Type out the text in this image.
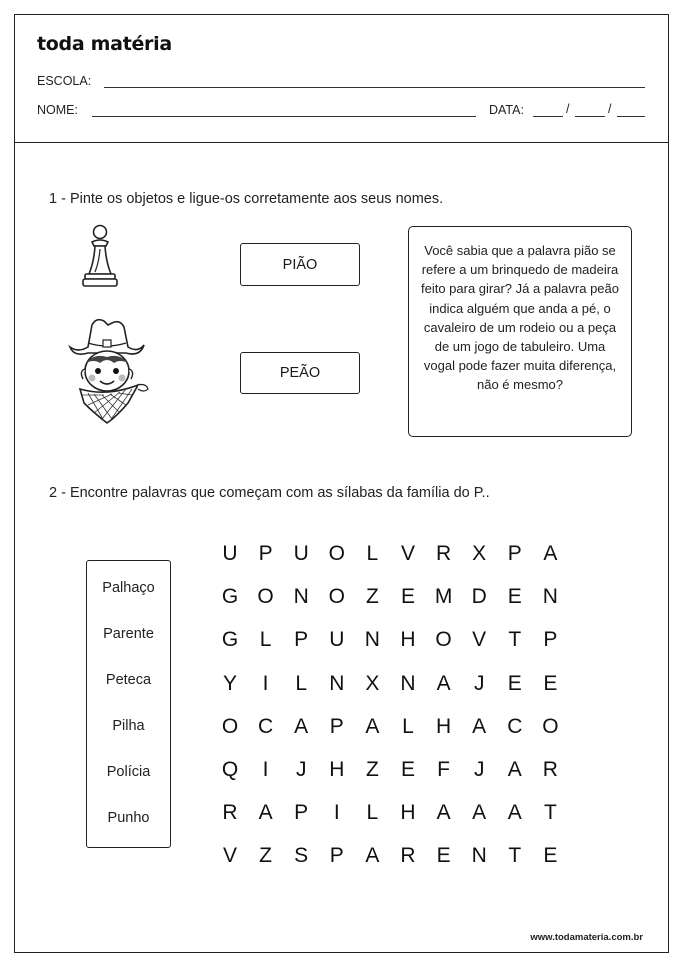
toda matéria
ESCOLA:
NOME:	DATA:	/	/
1 - Pinte os objetos e ligue-os corretamente aos seus nomes.
PIÃO
PEÃO
Você sabia que a palavra pião se refere a um brinquedo de madeira feito para girar? Já a palavra peão indica alguém que anda a pé, o cavaleiro de um rodeio ou a peça de um jogo de tabuleiro. Uma vogal pode fazer muita diferença, não é mesmo?
2 - Encontre palavras que começam com as sílabas da família do P..
Palhaço
Parente
Peteca
Pilha
Polícia
Punho
U	P	U O	L	V	R	X	P	A
G O N O	Z	E M D	E	N
G	L	P	U N H O V	T	P
Y	I	L	N	X	N	A	J	E	E
O C	A	P	A	L	H	A	C O
Q	I	J	H	Z	E	F	J	A	R
R	A	P	I	L	H	A	A	A	T
V	Z	S	P	A	R	E	N	T	E
www.todamateria.com.br
